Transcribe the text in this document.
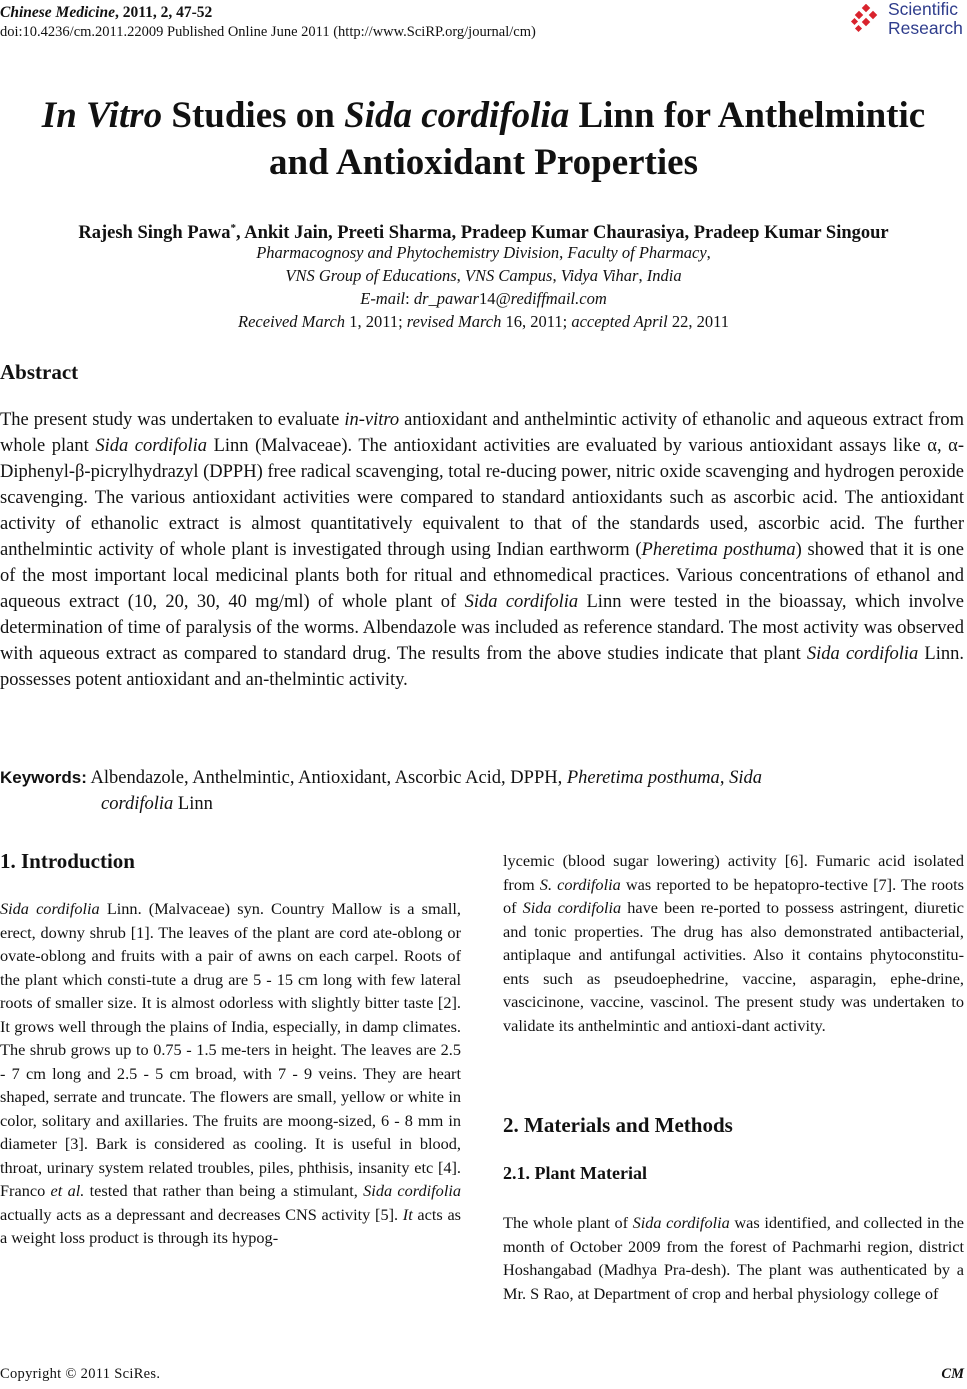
Chinese Medicine, 2011, 2, 47-52
doi:10.4236/cm.2011.22009 Published Online June 2011 (http://www.SciRP.org/journal/cm)
Scientific
Research
In Vitro Studies on Sida cordifolia Linn for Anthelmintic
and Antioxidant Properties
Rajesh Singh Pawa*, Ankit Jain, Preeti Sharma, Pradeep Kumar Chaurasiya, Pradeep Kumar Singour
Pharmacognosy and Phytochemistry Division, Faculty of Pharmacy,
VNS Group of Educations, VNS Campus, Vidya Vihar, India
E-mail: dr_pawar14@rediffmail.com
Received March 1, 2011; revised March 16, 2011; accepted April 22, 2011
Abstract

The present study was undertaken to evaluate in-vitro antioxidant and anthelmintic activity of ethanolic and aqueous extract from whole plant Sida cordifolia Linn (Malvaceae). The antioxidant activities are evaluated by various antioxidant assays like α, α-Diphenyl-β-picrylhydrazyl (DPPH) free radical scavenging, total re-ducing power, nitric oxide scavenging and hydrogen peroxide scavenging. The various antioxidant activities were compared to standard antioxidants such as ascorbic acid. The antioxidant activity of ethanolic extract is almost quantitatively equivalent to that of the standards used, ascorbic acid. The further anthelmintic activity of whole plant is investigated through using Indian earthworm (Pheretima posthuma) showed that it is one of the most important local medicinal plants both for ritual and ethnomedical practices. Various concentrations of ethanol and aqueous extract (10, 20, 30, 40 mg/ml) of whole plant of Sida cordifolia Linn were tested in the bioassay, which involve determination of time of paralysis of the worms. Albendazole was included as reference standard. The most activity was observed with aqueous extract as compared to standard drug. The results from the above studies indicate that plant Sida cordifolia Linn. possesses potent antioxidant and an-thelmintic activity.

Keywords: Albendazole, Anthelmintic, Antioxidant, Ascorbic Acid, DPPH, Pheretima posthuma, Sida
cordifolia Linn
1. Introduction

Sida cordifolia Linn. (Malvaceae) syn. Country Mallow is a small, erect, downy shrub [1]. The leaves of the plant are cord ate-oblong or ovate-oblong and fruits with a pair of awns on each carpel. Roots of the plant which consti-tute a drug are 5 - 15 cm long with few lateral roots of smaller size. It is almost odorless with slightly bitter taste [2]. It grows well through the plains of India, especially, in damp climates. The shrub grows up to 0.75 - 1.5 me-ters in height. The leaves are 2.5 - 7 cm long and 2.5 - 5 cm broad, with 7 - 9 veins. They are heart shaped, serrate and truncate. The flowers are small, yellow or white in color, solitary and axillaries. The fruits are moong-sized, 6 - 8 mm in diameter [3]. Bark is considered as cooling. It is useful in blood, throat, urinary system related troubles, piles, phthisis, insanity etc [4]. Franco et al. tested that rather than being a stimulant, Sida cordifolia actually acts as a depressant and decreases CNS activity [5]. It acts as a weight loss product is through its hypog-

lycemic (blood sugar lowering) activity [6]. Fumaric acid isolated from S. cordifolia was reported to be hepatopro-tective [7]. The roots of Sida cordifolia have been re-ported to possess astringent, diuretic and tonic properties. The drug has also demonstrated antibacterial, antiplaque and antifungal activities. Also it contains phytoconstitu-ents such as pseudoephedrine, vaccine, asparagin, ephe-drine, vascicinone, vaccine, vascinol. The present study was undertaken to validate its anthelmintic and antioxi-dant activity.

2. Materials and Methods
2.1. Plant Material

The whole plant of Sida cordifolia was identified, and collected in the month of October 2009 from the forest of Pachmarhi region, district Hoshangabad (Madhya Pra-desh). The plant was authenticated by a Mr. S Rao, at Department of crop and herbal physiology college of

Copyright © 2011 SciRes.	CM
